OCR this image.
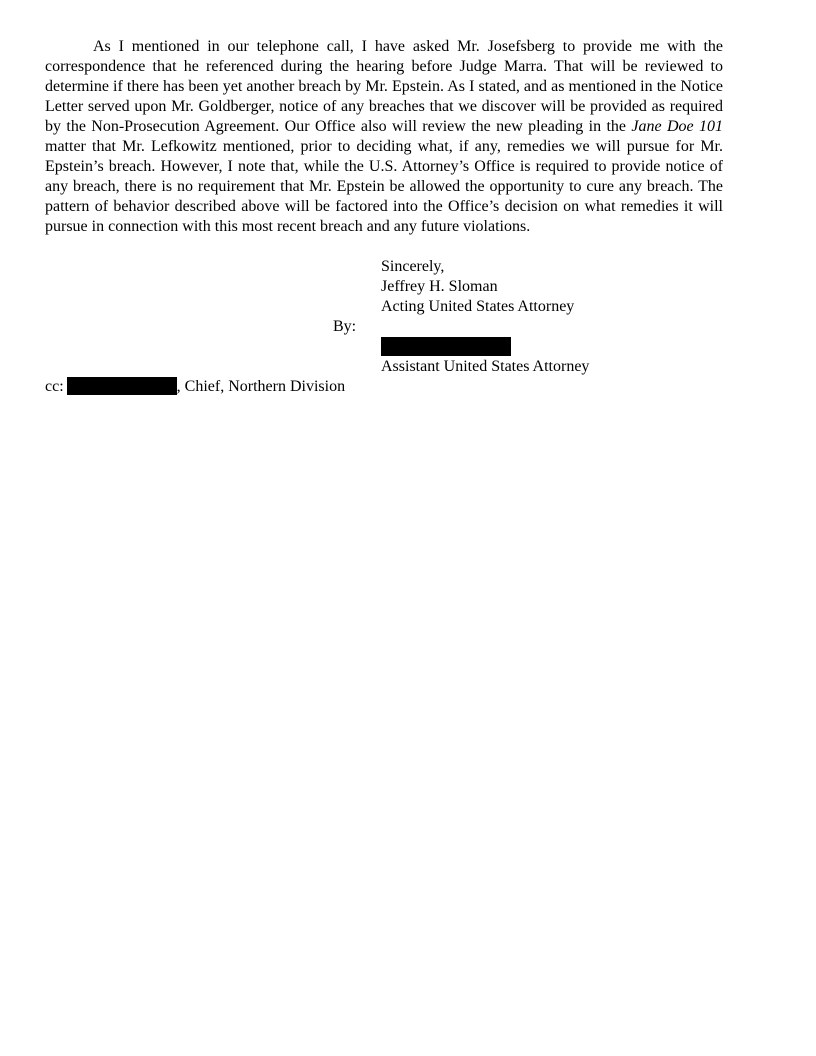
As I mentioned in our telephone call, I have asked Mr. Josefsberg to provide me with the correspondence that he referenced during the hearing before Judge Marra. That will be reviewed to determine if there has been yet another breach by Mr. Epstein. As I stated, and as mentioned in the Notice Letter served upon Mr. Goldberger, notice of any breaches that we discover will be provided as required by the Non-Prosecution Agreement. Our Office also will review the new pleading in the Jane Doe 101 matter that Mr. Lefkowitz mentioned, prior to deciding what, if any, remedies we will pursue for Mr. Epstein’s breach. However, I note that, while the U.S. Attorney’s Office is required to provide notice of any breach, there is no requirement that Mr. Epstein be allowed the opportunity to cure any breach. The pattern of behavior described above will be factored into the Office’s decision on what remedies it will pursue in connection with this most recent breach and any future violations.

Sincerely,
Jeffrey H. Sloman
Acting United States Attorney
By:
Assistant United States Attorney
cc:	, Chief, Northern Division
